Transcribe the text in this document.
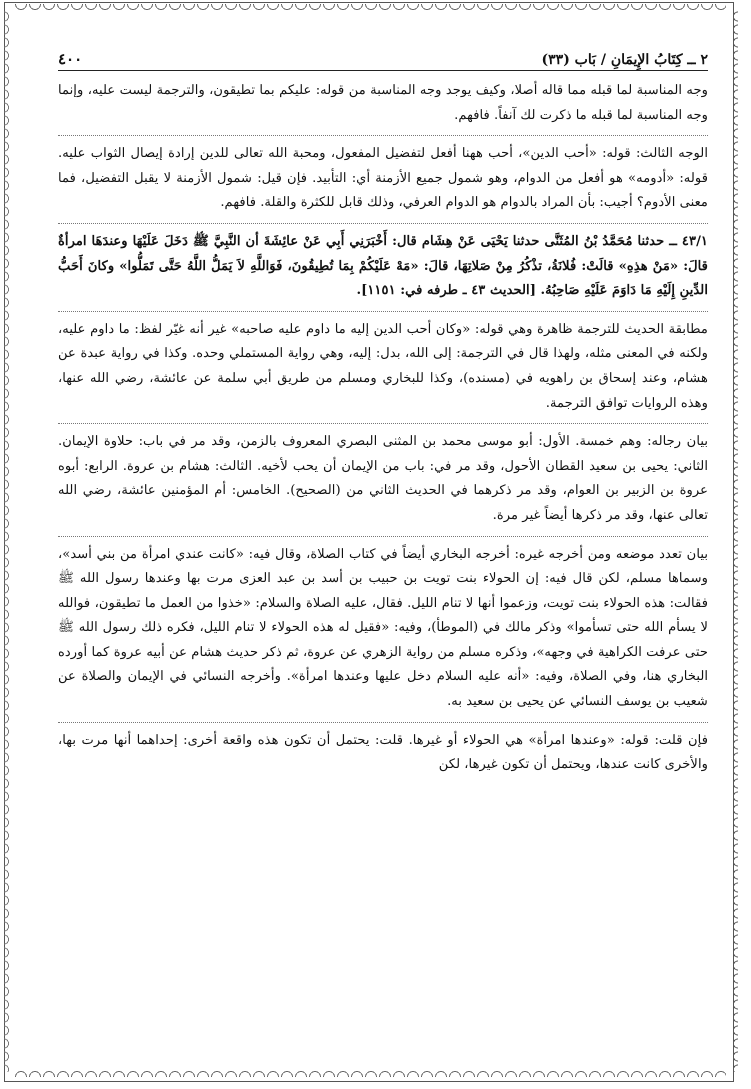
٢ ــ كِتَابُ الإِيمَانِ / بَاب (٣٣)
٤٠٠

وجه المناسبة لما قبله مما قاله أصلا، وكيف يوجد وجه المناسبة من قوله: عليكم بما تطيقون، والترجمة ليست عليه، وإنما وجه المناسبة لما قبله ما ذكرت لك آنفاً. فافهم.

الوجه الثالث: قوله: «أحب الدين»، أحب ههنا أفعل لتفضيل المفعول، ومحبة الله تعالى للدين إرادة إيصال الثواب عليه. قوله: «أدومه» هو أفعل من الدوام، وهو شمول جميع الأزمنة أي: التأبيد. فإن قيل: شمول الأزمنة لا يقبل التفضيل، فما معنى الأدوم؟ أجيب: بأن المراد بالدوام هو الدوام العرفي، وذلك قابل للكثرة والقلة. فافهم.

٤٣/١ ــ حدثنا مُحَمَّدُ بْنُ المُثَنَّى حدثنا يَحْيَى عَنْ هِشَام قال: أَخْبَرَنِي أَبِي عَنْ عائِشَةَ أن النَّبِيَّ ﷺ دَخَلَ عَلَيْهَا وعندَهَا امرأةٌ قالَ: «مَنْ هذِهِ» قالَتْ: فُلانَةُ، تذْكُرُ مِنْ صَلاتِهَا، قالَ: «مَهْ عَلَيْكُمْ بِمَا تُطِيقُونَ، فَوَاللَّهِ لاَ يَمَلُّ اللَّهُ حَتَّى تَمَلُّوا» وكانَ أَحَبُّ الدِّينِ إِلَيْهِ مَا دَاوَمَ عَلَيْهِ صَاحِبُهُ. [الحديث ٤٣ ـ طرفه في: ١١٥١].

مطابقة الحديث للترجمة ظاهرة وهي قوله: «وكان أحب الدين إليه ما داوم عليه صاحبه» غير أنه غيّر لفظ: ما داوم عليه، ولكنه في المعنى مثله، ولهذا قال في الترجمة: إلى الله، بدل: إليه، وهي رواية المستملي وحده. وكذا في رواية عبدة عن هشام، وعند إسحاق بن راهويه في (مسنده)، وكذا للبخاري ومسلم من طريق أبي سلمة عن عائشة، رضي الله عنها، وهذه الروايات توافق الترجمة.

بيان رجاله: وهم خمسة. الأول: أبو موسى محمد بن المثنى البصري المعروف بالزمن، وقد مر في باب: حلاوة الإيمان. الثاني: يحيى بن سعيد القطان الأحول، وقد مر في: باب من الإيمان أن يحب لأخيه. الثالث: هشام بن عروة. الرابع: أبوه عروة بن الزبير بن العوام، وقد مر ذكرهما في الحديث الثاني من (الصحيح). الخامس: أم المؤمنين عائشة، رضي الله تعالى عنها، وقد مر ذكرها أيضاً غير مرة.

بيان تعدد موضعه ومن أخرجه غيره: أخرجه البخاري أيضاً في كتاب الصلاة، وقال فيه: «كانت عندي امرأة من بني أسد»، وسماها مسلم، لكن قال فيه: إن الحولاء بنت تويت بن حبيب بن أسد بن عبد العزى مرت بها وعندها رسول الله ﷺ فقالت: هذه الحولاء بنت تويت، وزعموا أنها لا تنام الليل. فقال، عليه الصلاة والسلام: «خذوا من العمل ما تطيقون، فوالله لا يسأم الله حتى تسأموا» وذكر مالك في (الموطأ)، وفيه: «فقيل له هذه الحولاء لا تنام الليل، فكره ذلك رسول الله ﷺ حتى عرفت الكراهية في وجهه»، وذكره مسلم من رواية الزهري عن عروة، ثم ذكر حديث هشام عن أبيه عروة كما أورده البخاري هنا، وفي الصلاة، وفيه: «أنه عليه السلام دخل عليها وعندها امرأة». وأخرجه النسائي في الإيمان والصلاة عن شعيب بن يوسف النسائي عن يحيى بن سعيد به.

فإن قلت: قوله: «وعندها امرأة» هي الحولاء أو غيرها. قلت: يحتمل أن تكون هذه واقعة أخرى: إحداهما أنها مرت بها، والأخرى كانت عندها، ويحتمل أن تكون غيرها، لكن
